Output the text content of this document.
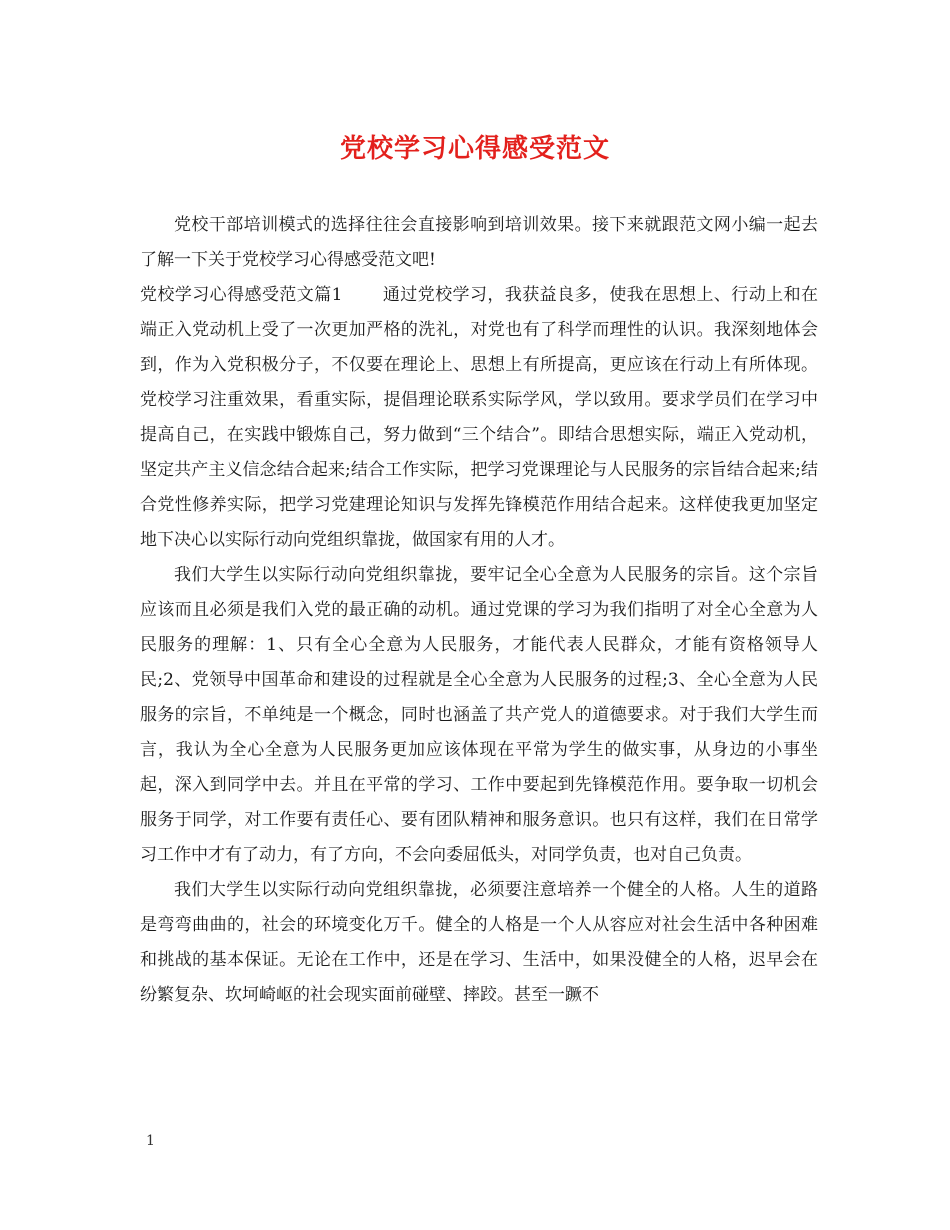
党校学习心得感受范文

党校干部培训模式的选择往往会直接影响到培训效果。接下来就跟范文网小编一起去了解一下关于党校学习心得感受范文吧!

党校学习心得感受范文篇1 通过党校学习，我获益良多，使我在思想上、行动上和在端正入党动机上受了一次更加严格的洗礼，对党也有了科学而理性的认识。我深刻地体会到，作为入党积极分子，不仅要在理论上、思想上有所提高，更应该在行动上有所体现。党校学习注重效果，看重实际，提倡理论联系实际学风，学以致用。要求学员们在学习中提高自己，在实践中锻炼自己，努力做到“三个结合”。即结合思想实际，端正入党动机，坚定共产主义信念结合起来;结合工作实际，把学习党课理论与人民服务的宗旨结合起来;结合党性修养实际，把学习党建理论知识与发挥先锋模范作用结合起来。这样使我更加坚定地下决心以实际行动向党组织靠拢，做国家有用的人才。

我们大学生以实际行动向党组织靠拢，要牢记全心全意为人民服务的宗旨。这个宗旨应该而且必须是我们入党的最正确的动机。通过党课的学习为我们指明了对全心全意为人民服务的理解：1、只有全心全意为人民服务，才能代表人民群众，才能有资格领导人民;2、党领导中国革命和建设的过程就是全心全意为人民服务的过程;3、全心全意为人民服务的宗旨，不单纯是一个概念，同时也涵盖了共产党人的道德要求。对于我们大学生而言，我认为全心全意为人民服务更加应该体现在平常为学生的做实事，从身边的小事坐起，深入到同学中去。并且在平常的学习、工作中要起到先锋模范作用。要争取一切机会服务于同学，对工作要有责任心、要有团队精神和服务意识。也只有这样，我们在日常学习工作中才有了动力，有了方向，不会向委屈低头，对同学负责，也对自己负责。

我们大学生以实际行动向党组织靠拢，必须要注意培养一个健全的人格。人生的道路是弯弯曲曲的，社会的环境变化万千。健全的人格是一个人从容应对社会生活中各种困难和挑战的基本保证。无论在工作中，还是在学习、生活中，如果没健全的人格，迟早会在纷繁复杂、坎坷崎岖的社会现实面前碰壁、摔跤。甚至一蹶不

1
